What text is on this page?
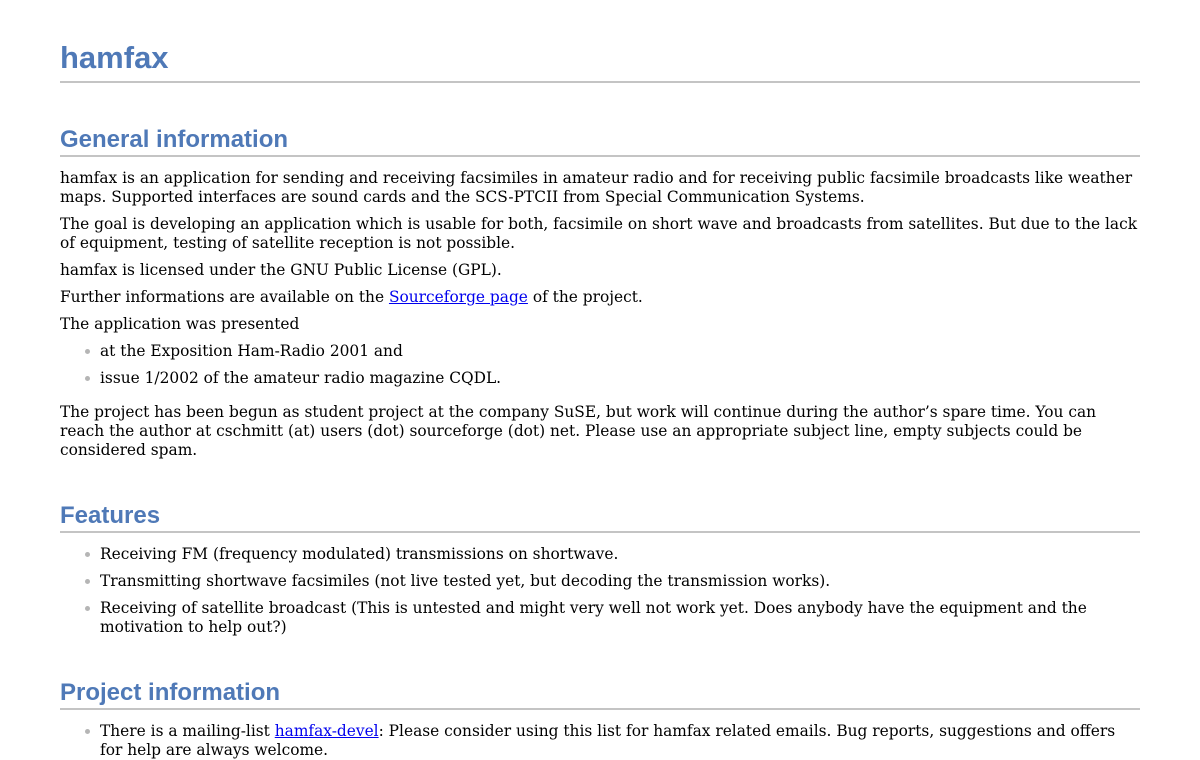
hamfax
General information

hamfax is an application for sending and receiving facsimiles in amateur radio and for receiving public facsimile broadcasts like weather maps. Supported interfaces are sound cards and the SCS-PTCII from Special Communication Systems.

The goal is developing an application which is usable for both, facsimile on short wave and broadcasts from satellites. But due to the lack of equipment, testing of satellite reception is not possible.

hamfax is licensed under the GNU Public License (GPL).

Further informations are available on the Sourceforge page of the project.

The application was presented

at the Exposition Ham-Radio 2001 and
issue 1/2002 of the amateur radio magazine CQDL.

The project has been begun as student project at the company SuSE, but work will continue during the author’s spare time. You can reach the author at cschmitt (at) users (dot) sourceforge (dot) net. Please use an appropriate subject line, empty subjects could be considered spam.

Features
Receiving FM (frequency modulated) transmissions on shortwave.
Transmitting shortwave facsimiles (not live tested yet, but decoding the transmission works).
Receiving of satellite broadcast (This is untested and might very well not work yet. Does anybody have the equipment and the motivation to help out?)
Project information
There is a mailing-list hamfax-devel: Please consider using this list for hamfax related emails. Bug reports, suggestions and offers for help are always welcome.
